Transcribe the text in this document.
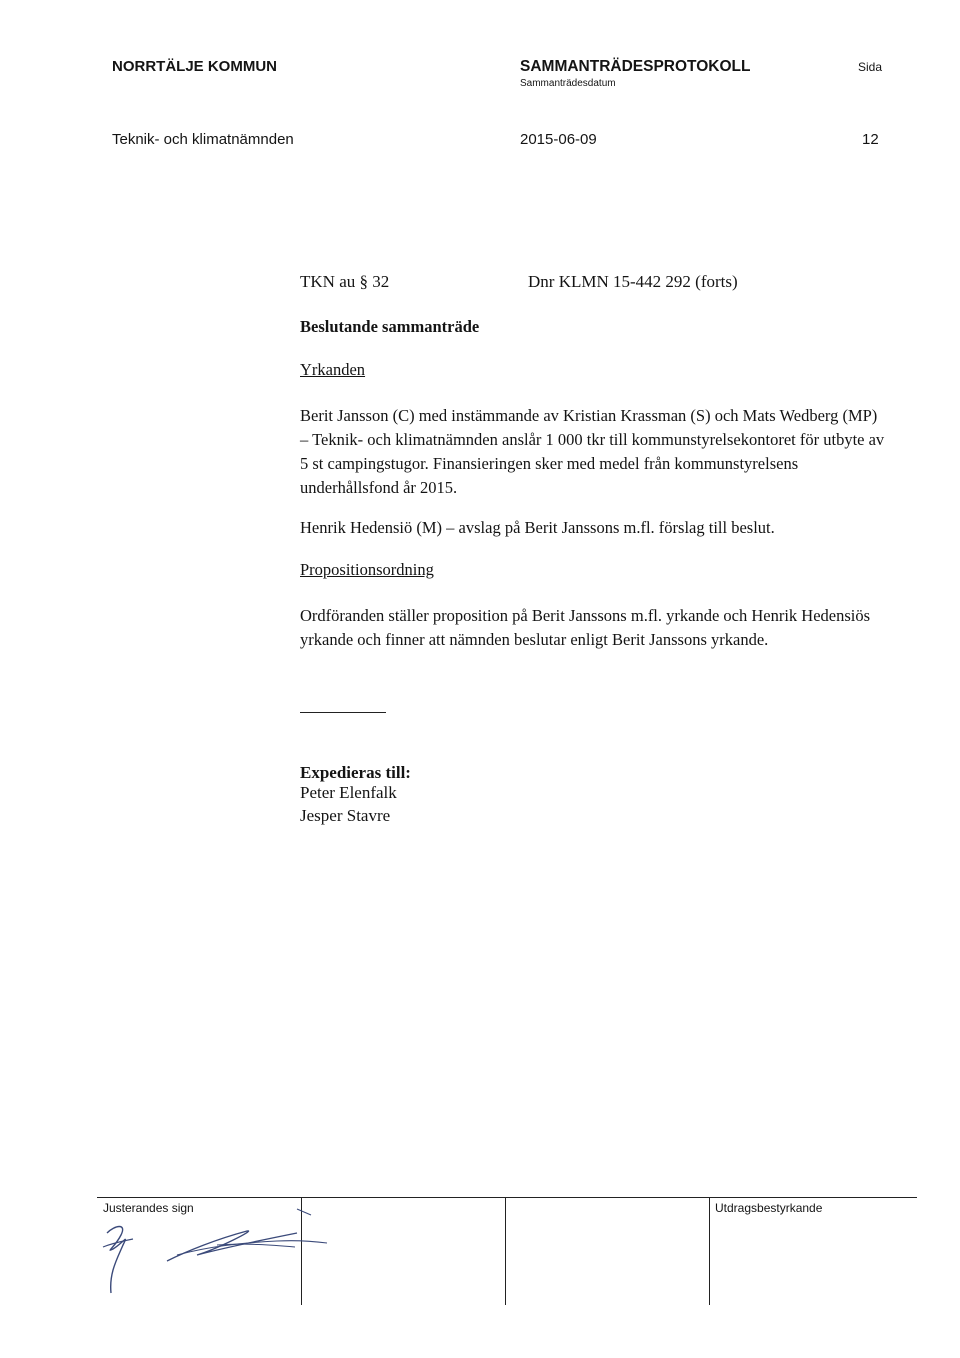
NORRTÄLJE KOMMUN	SAMMANTRÄDESPROTOKOLL
Sammanträdesdatum
Sida
Teknik- och klimatnämnden	2015-06-09	12
TKN au § 32	Dnr KLMN 15-442 292 (forts)
Beslutande sammanträde
Yrkanden
Berit Jansson (C) med instämmande av Kristian Krassman (S) och Mats Wedberg (MP) – Teknik- och klimatnämnden anslår 1 000 tkr till kommunstyrelsekontoret för utbyte av 5 st campingstugor. Finansieringen sker med medel från kommunstyrelsens underhållsfond år 2015.
Henrik Hedensiö (M) – avslag på Berit Janssons m.fl. förslag till beslut.
Propositionsordning
Ordföranden ställer proposition på Berit Janssons m.fl. yrkande och Henrik Hedensiös yrkande och finner att nämnden beslutar enligt Berit Janssons yrkande.
Expedieras till:
Peter Elenfalk
Jesper Stavre
Justerandes sign	Utdragsbestyrkande
